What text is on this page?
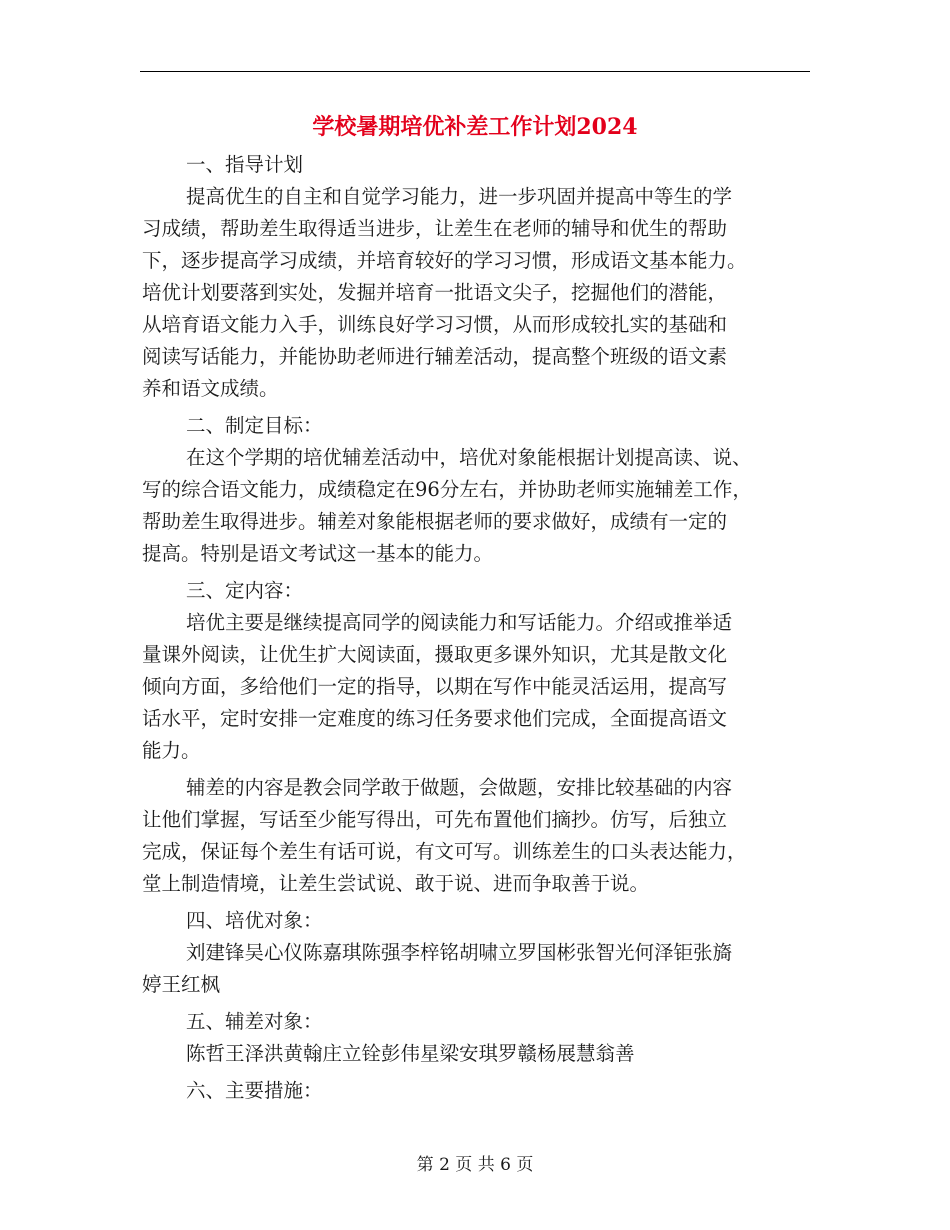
学校暑期培优补差工作计划2024
一、指导计划
提高优生的自主和自觉学习能力，进一步巩固并提高中等生的学
习成绩，帮助差生取得适当进步，让差生在老师的辅导和优生的帮助
下，逐步提高学习成绩，并培育较好的学习习惯，形成语文基本能力。
培优计划要落到实处，发掘并培育一批语文尖子，挖掘他们的潜能，
从培育语文能力入手，训练良好学习习惯，从而形成较扎实的基础和
阅读写话能力，并能协助老师进行辅差活动，提高整个班级的语文素
养和语文成绩。
二、制定目标：
在这个学期的培优辅差活动中，培优对象能根据计划提高读、说、
写的综合语文能力，成绩稳定在96分左右，并协助老师实施辅差工作，
帮助差生取得进步。辅差对象能根据老师的要求做好，成绩有一定的
提高。特别是语文考试这一基本的能力。
三、定内容：
培优主要是继续提高同学的阅读能力和写话能力。介绍或推举适
量课外阅读，让优生扩大阅读面，摄取更多课外知识，尤其是散文化
倾向方面，多给他们一定的指导，以期在写作中能灵活运用，提高写
话水平，定时安排一定难度的练习任务要求他们完成，全面提高语文
能力。
辅差的内容是教会同学敢于做题，会做题，安排比较基础的内容
让他们掌握，写话至少能写得出，可先布置他们摘抄。仿写，后独立
完成，保证每个差生有话可说，有文可写。训练差生的口头表达能力，
堂上制造情境，让差生尝试说、敢于说、进而争取善于说。
四、培优对象：
刘建锋吴心仪陈嘉琪陈强李梓铭胡啸立罗国彬张智光何泽钜张旖
婷王红枫
五、辅差对象：
陈哲王泽洪黄翰庄立铨彭伟星梁安琪罗赣杨展慧翁善
六、主要措施：
第 2 页 共 6 页
